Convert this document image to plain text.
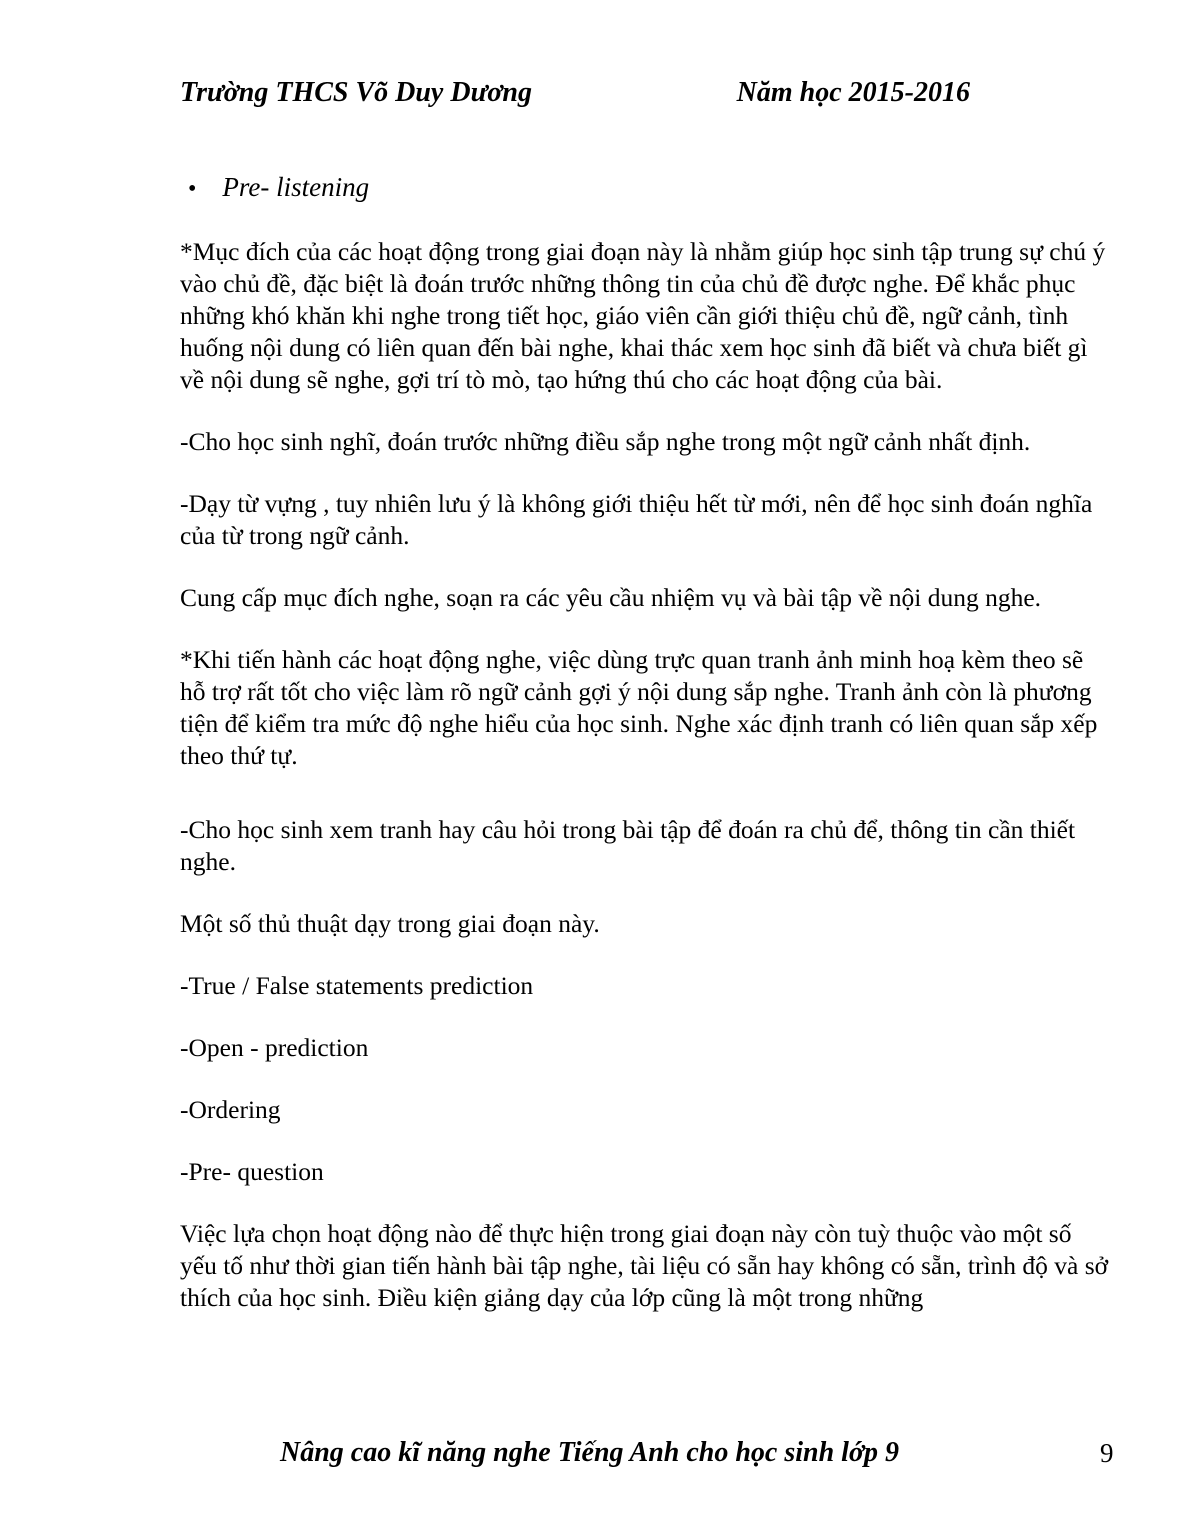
Trường THCS Võ Duy Dương	Năm học 2015-2016
• Pre- listening

*Mục đích của các hoạt động trong giai đoạn này là nhằm giúp học sinh tập trung sự chú ý vào chủ đề, đặc biệt là đoán trước những thông tin của chủ đề được nghe. Để khắc phục những khó khăn khi nghe trong tiết học, giáo viên cần giới thiệu chủ đề, ngữ cảnh, tình huống nội dung có liên quan đến bài nghe, khai thác xem học sinh đã biết và chưa biết gì về nội dung sẽ nghe, gợi trí tò mò, tạo hứng thú cho các hoạt động của bài.

-Cho học sinh nghĩ, đoán trước những điều sắp nghe trong một ngữ cảnh nhất định.

-Dạy từ vựng , tuy nhiên lưu ý là không giới thiệu hết từ mới, nên để học sinh đoán nghĩa của từ trong ngữ cảnh.

Cung cấp mục đích nghe, soạn ra các yêu cầu nhiệm vụ và bài tập về nội dung nghe.

*Khi tiến hành các hoạt động nghe, việc dùng trực quan tranh ảnh minh hoạ kèm theo sẽ hỗ trợ rất tốt cho việc làm rõ ngữ cảnh gợi ý nội dung sắp nghe. Tranh ảnh còn là phương tiện để kiểm tra mức độ nghe hiểu của học sinh. Nghe xác định tranh có liên quan sắp xếp theo thứ tự.

-Cho học sinh xem tranh hay câu hỏi trong bài tập để đoán ra chủ để, thông tin cần thiết nghe.

Một số thủ thuật dạy trong giai đoạn này.

-True / False statements prediction

-Open - prediction

-Ordering

-Pre- question

Việc lựa chọn hoạt động nào để thực hiện trong giai đoạn này còn tuỳ thuộc vào một số yếu tố như thời gian tiến hành bài tập nghe, tài liệu có sẵn hay không có sẵn, trình độ và sở thích của học sinh. Điều kiện giảng dạy của lớp cũng là một trong những

Nâng cao kĩ năng nghe Tiếng Anh cho học sinh lớp 9	9
